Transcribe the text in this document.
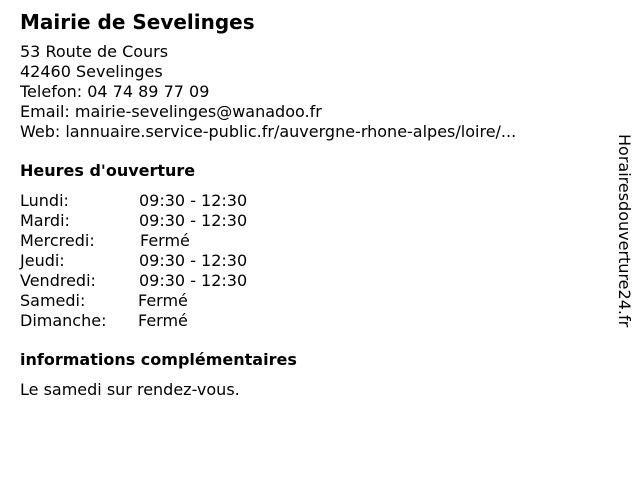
Mairie de Sevelinges
53 Route de Cours
42460 Sevelinges
Telefon: 04 74 89 77 09
Email: mairie-sevelinges@wanadoo.fr
Web: lannuaire.service-public.fr/auvergne-rhone-alpes/loire/...
Heures d'ouverture
Lundi:	09:30 - 12:30
Mardi:	09:30 - 12:30
Mercredi:	Fermé
Jeudi:	09:30 - 12:30
Vendredi:	09:30 - 12:30
Samedi:	Fermé
Dimanche:	Fermé
informations complémentaires
Le samedi sur rendez-vous.
Horairesdouverture24.fr
